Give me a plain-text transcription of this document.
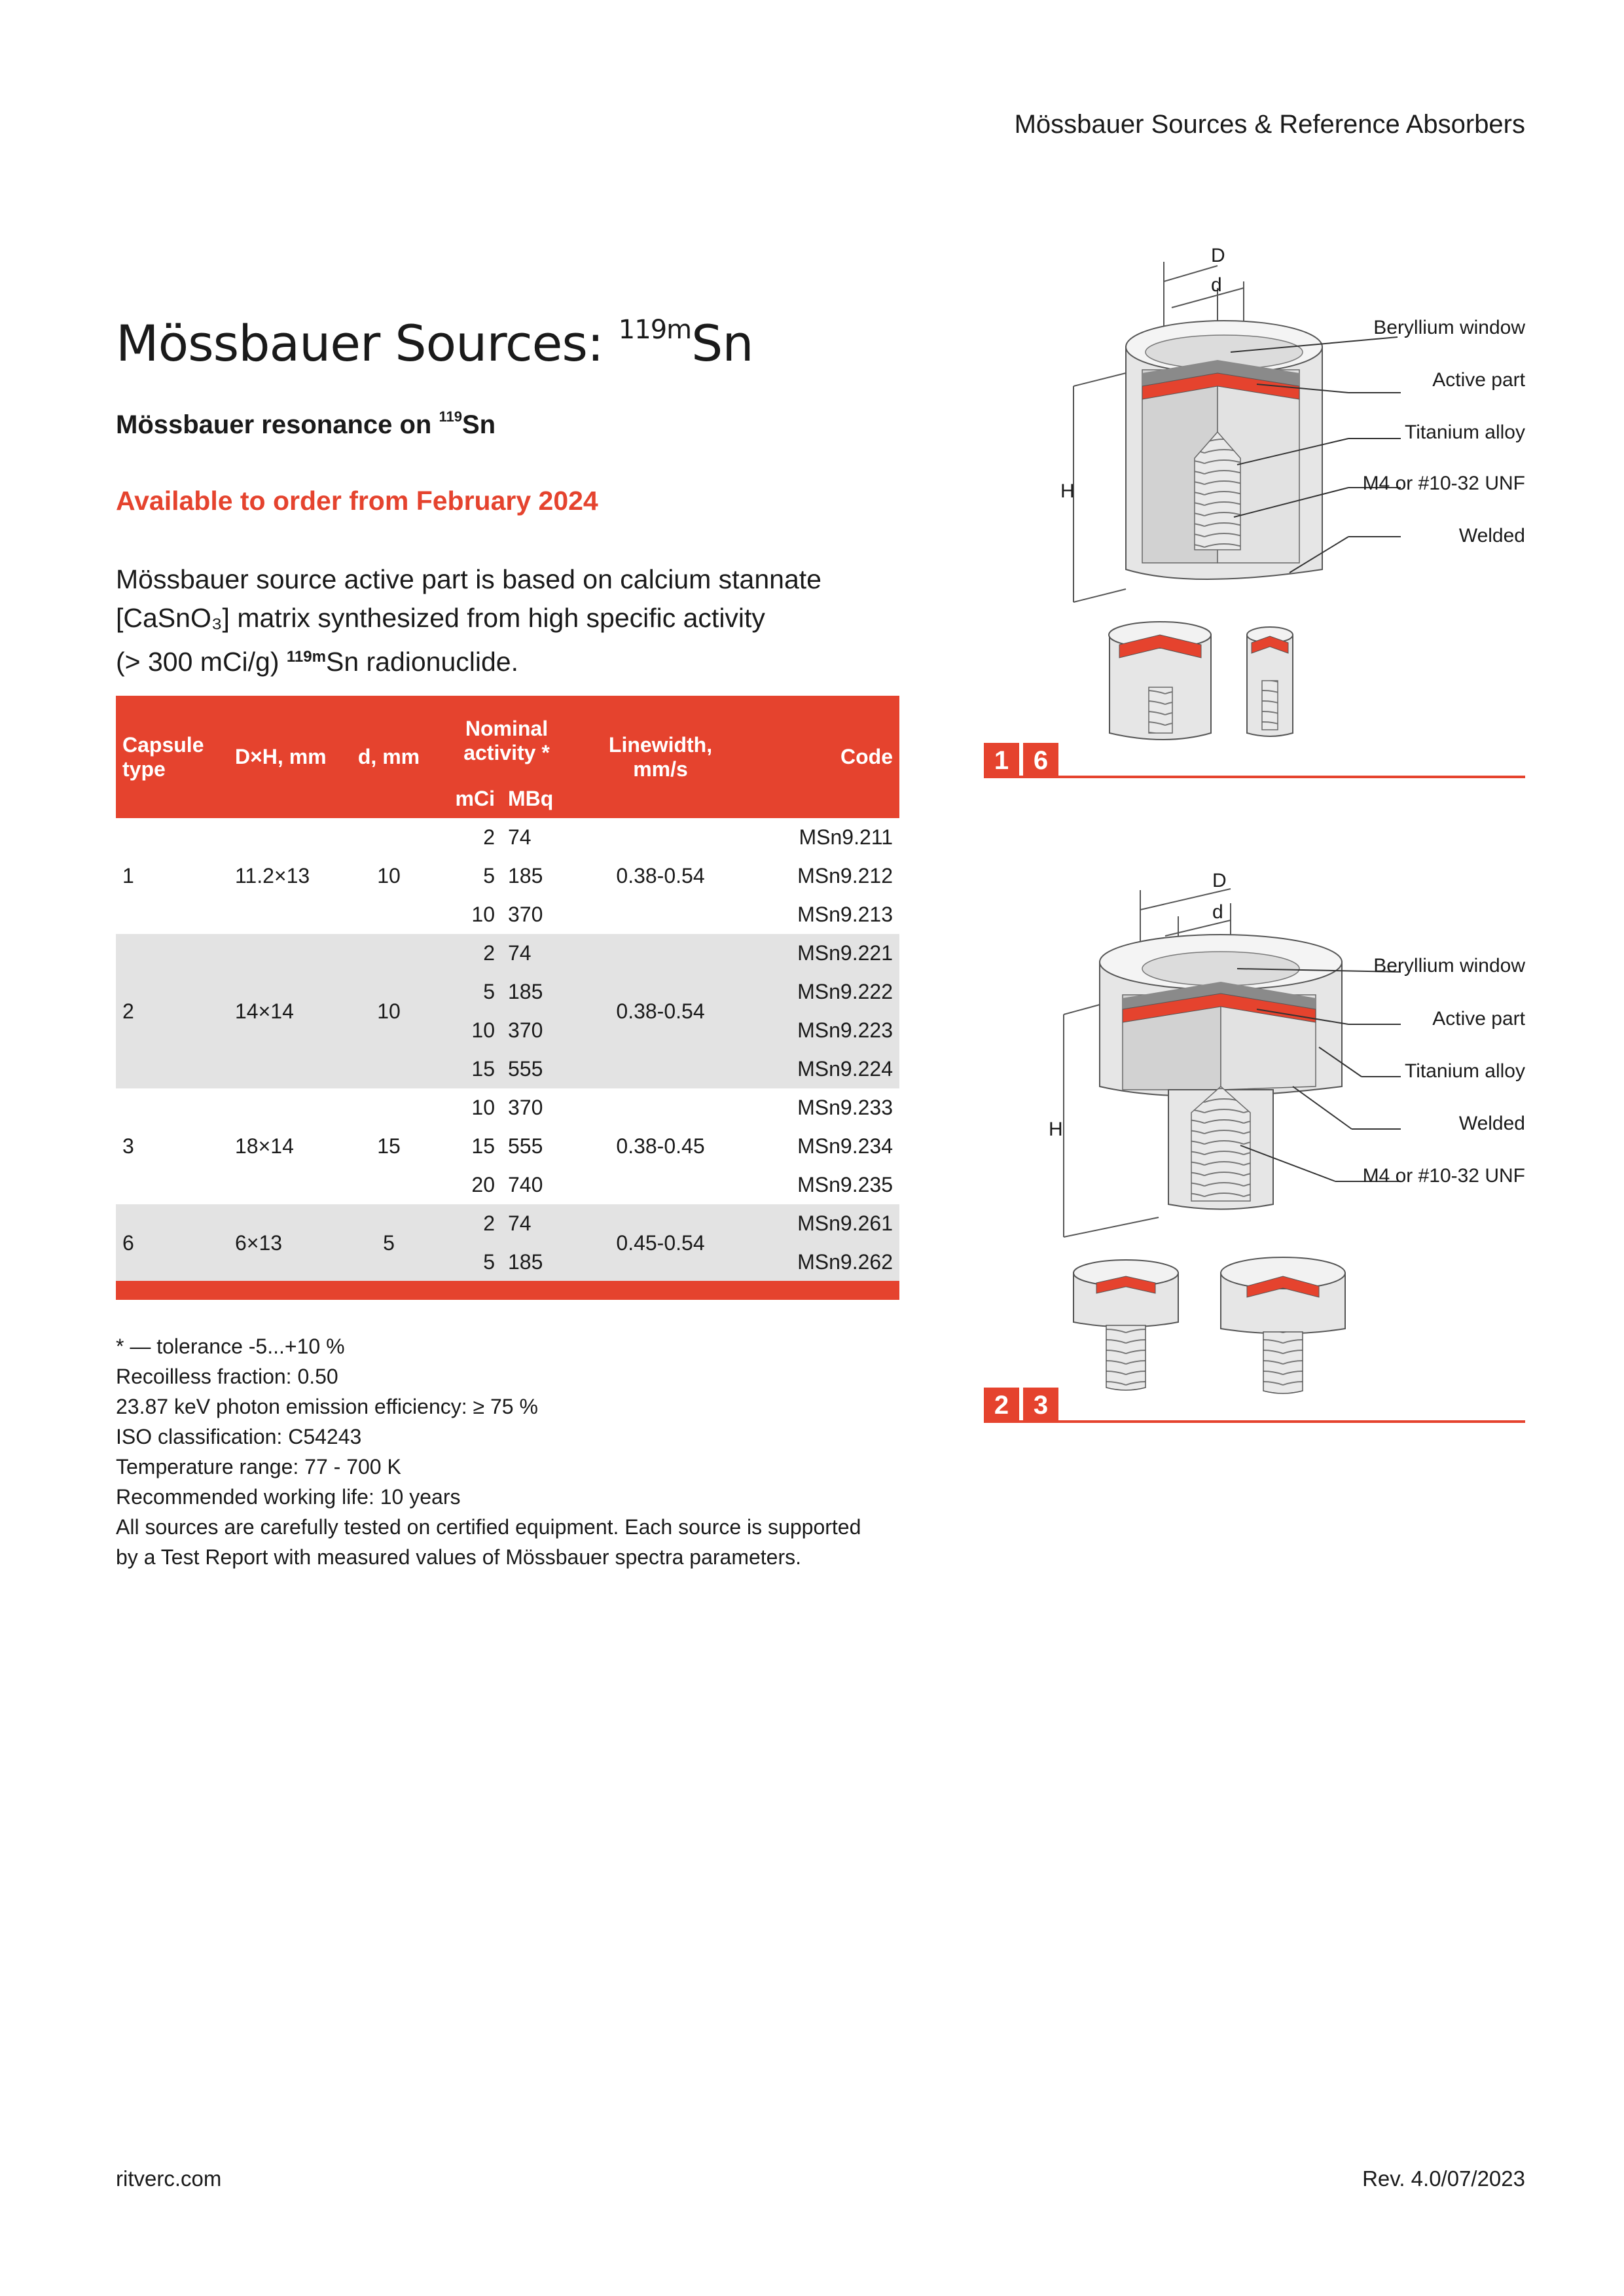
Mössbauer Sources & Reference Absorbers
Mössbauer Sources: $^{119m}$Sn
Mössbauer resonance on $^{119}$Sn
Available to order from February 2024
Mössbauer source active part is based on calcium stannate
[CaSnO₃] matrix synthesized from high specific activity
(> 300 mCi/g) $^{119m}$Sn radionuclide.
Capsule type	D×H, mm	d, mm	Nominal activity *		Linewidth, mm/s	Code
			mCi	MBq		
1	11.2×13	10	2	74	0.38-0.54	MSn9.211
			5	185		MSn9.212
			10	370		MSn9.213
2	14×14	10	2	74	0.38-0.54	MSn9.221
			5	185		MSn9.222
			10	370		MSn9.223
			15	555		MSn9.224
3	18×14	15	10	370	0.38-0.45	MSn9.233
			15	555		MSn9.234
			20	740		MSn9.235
6	6×13	5	2	74	0.45-0.54	MSn9.261
			5	185		MSn9.262
* — tolerance -5...+10 %
Recoilless fraction: 0.50
23.87 keV photon emission efficiency: ≥ 75 %
ISO classification: C54243
Temperature range: 77 - 700 K
Recommended working life: 10 years
All sources are carefully tested on certified equipment. Each source is supported
by a Test Report with measured values of Mössbauer spectra parameters.
D
d
H
Beryllium window
Active part
Titanium alloy
M4 or #10-32 UNF
Welded
1 6
D
d
H
Beryllium window
Active part
Titanium alloy
Welded
M4 or #10-32 UNF
2 3
ritverc.com	Rev. 4.0/07/2023
